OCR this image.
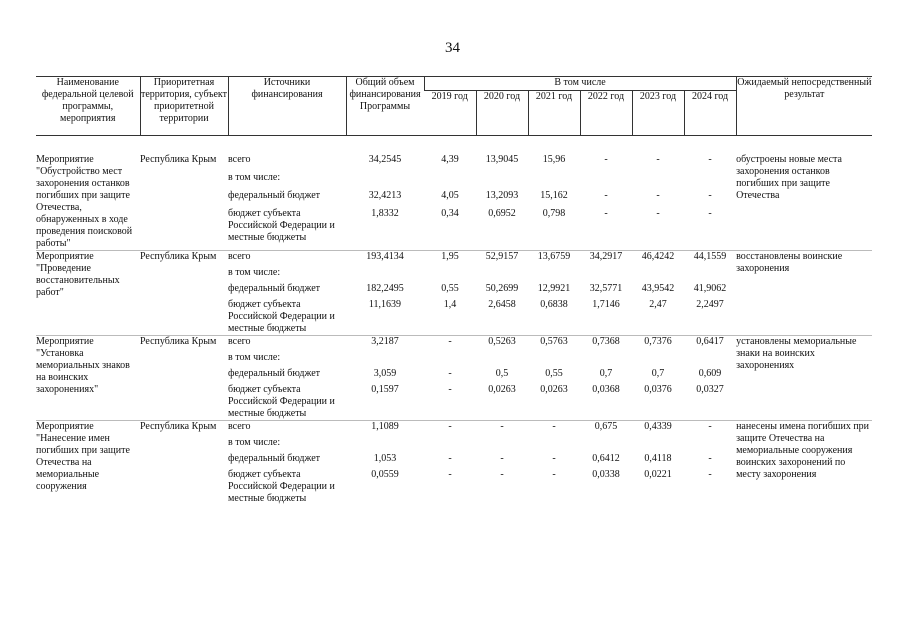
34
Наименование федеральной целевой программы, мероприятия	Приоритетная территория, субъект приоритетной территории	Источники финансирования	Общий объем финансирования Программы	В том числе						Ожидаемый непосредственный результат
				2019 год	2020 год	2021 год	2022 год	2023 год	2024 год	

Мероприятие "Обустройство мест захоронения останков погибших при защите Отечества, обнаруженных в ходе проведения поисковой работы"	Республика Крым	всего	34,2545	4,39	13,9045	15,96	-	-	-	обустроены новые места захоронения останков погибших при защите Отечества
		в том числе:								
		федеральный бюджет	32,4213	4,05	13,2093	15,162	-	-	-	
		бюджет субъекта Российской Федерации и местные бюджеты	1,8332	0,34	0,6952	0,798	-	-	-	
Мероприятие "Проведение восстановительных работ"	Республика Крым	всего	193,4134	1,95	52,9157	13,6759	34,2917	46,4242	44,1559	восстановлены воинские захоронения
		в том числе:								
		федеральный бюджет	182,2495	0,55	50,2699	12,9921	32,5771	43,9542	41,9062	
		бюджет субъекта Российской Федерации и местные бюджеты	11,1639	1,4	2,6458	0,6838	1,7146	2,47	2,2497	
Мероприятие "Установка мемориальных знаков на воинских захоронениях"	Республика Крым	всего	3,2187	-	0,5263	0,5763	0,7368	0,7376	0,6417	установлены мемориальные знаки на воинских захоронениях
		в том числе:								
		федеральный бюджет	3,059	-	0,5	0,55	0,7	0,7	0,609	
		бюджет субъекта Российской Федерации и местные бюджеты	0,1597	-	0,0263	0,0263	0,0368	0,0376	0,0327	
Мероприятие "Нанесение имен погибших при защите Отечества на мемориальные сооружения	Республика Крым	всего	1,1089	-	-	-	0,675	0,4339	-	нанесены имена погибших при защите Отечества на мемориальные сооружения воинских захоронений по месту захоронения
		в том числе:								
		федеральный бюджет	1,053	-	-	-	0,6412	0,4118	-	
		бюджет субъекта Российской Федерации и местные бюджеты	0,0559	-	-	-	0,0338	0,0221	-	
